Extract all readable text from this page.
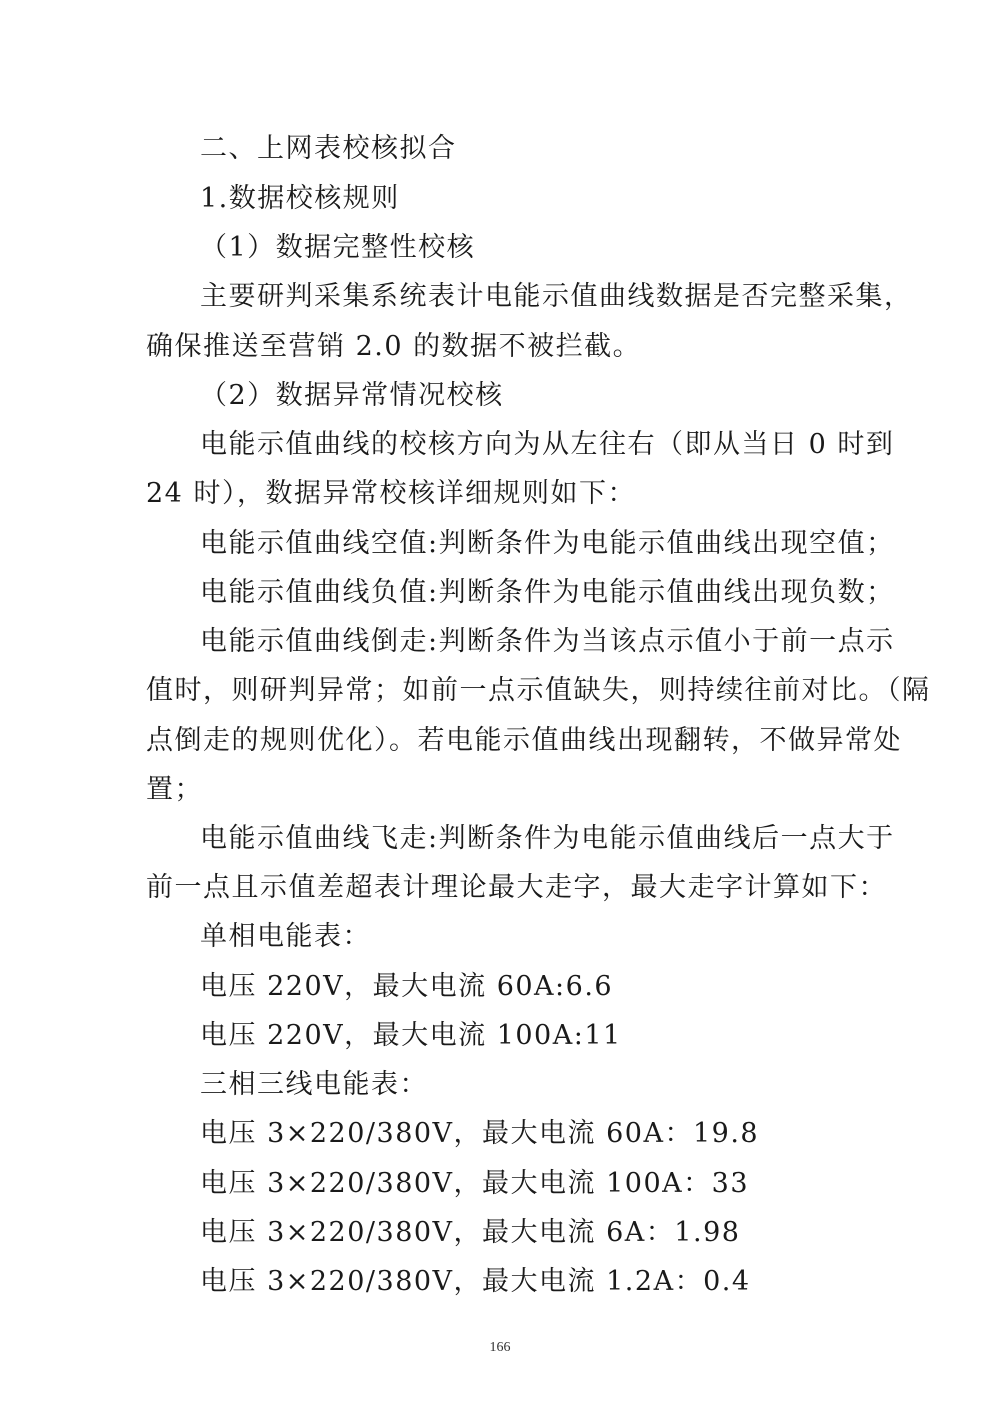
二、上网表校核拟合
1.数据校核规则
（1）数据完整性校核
主要研判采集系统表计电能示值曲线数据是否完整采集，
确保推送至营销 2.0 的数据不被拦截。
（2）数据异常情况校核
电能示值曲线的校核方向为从左往右（即从当日 0 时到
24 时），数据异常校核详细规则如下：
电能示值曲线空值:判断条件为电能示值曲线出现空值；
电能示值曲线负值:判断条件为电能示值曲线出现负数；
电能示值曲线倒走:判断条件为当该点示值小于前一点示
值时，则研判异常；如前一点示值缺失，则持续往前对比。（隔
点倒走的规则优化）。若电能示值曲线出现翻转，不做异常处
置；
电能示值曲线飞走:判断条件为电能示值曲线后一点大于
前一点且示值差超表计理论最大走字，最大走字计算如下：
单相电能表：
电压 220V，最大电流 60A:6.6
电压 220V，最大电流 100A:11
三相三线电能表：
电压 3×220/380V，最大电流 60A：19.8
电压 3×220/380V，最大电流 100A：33
电压 3×220/380V，最大电流 6A：1.98
电压 3×220/380V，最大电流 1.2A：0.4
166
